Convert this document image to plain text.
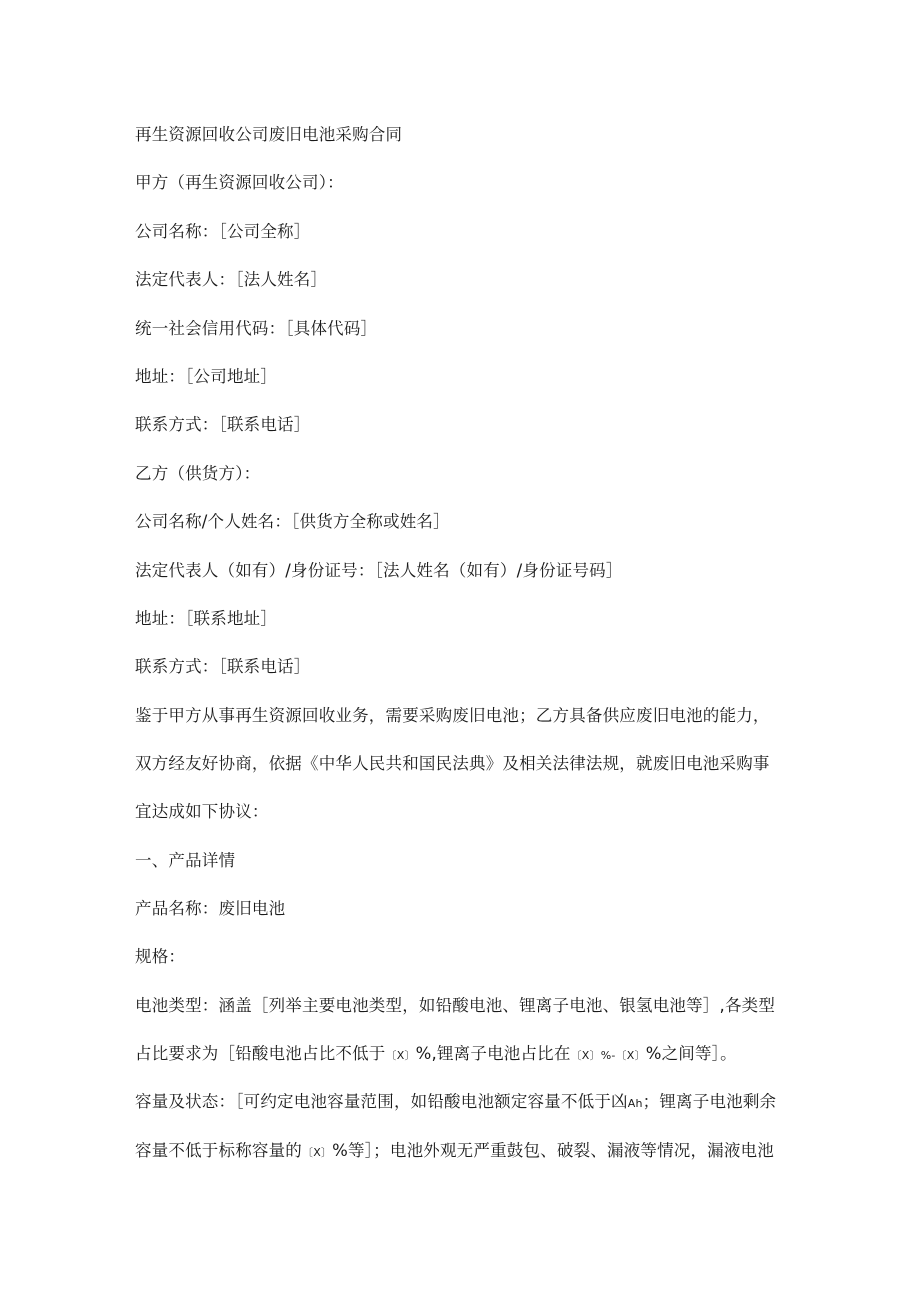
再生资源回收公司废旧电池采购合同
甲方（再生资源回收公司）：
公司名称：［公司全称］
法定代表人：［法人姓名］
统一社会信用代码：［具体代码］
地址：［公司地址］
联系方式：［联系电话］
乙方（供货方）：
公司名称/个人姓名：［供货方全称或姓名］
法定代表人（如有）/身份证号：［法人姓名（如有）/身份证号码］
地址：［联系地址］
联系方式：［联系电话］
鉴于甲方从事再生资源回收业务，需要采购废旧电池；乙方具备供应废旧电池的能力，
双方经友好协商，依据《中华人民共和国民法典》及相关法律法规，就废旧电池采购事
宜达成如下协议：
一、产品详情
产品名称：废旧电池
规格：
电池类型：涵盖［列举主要电池类型，如铅酸电池、锂离子电池、银氢电池等］,各类型
占比要求为［铅酸电池占比不低于〔X〕%,锂离子电池占比在〔X〕%-〔X〕%之间等］。
容量及状态：［可约定电池容量范围，如铅酸电池额定容量不低于凶Ah；锂离子电池剩余
容量不低于标称容量的〔X〕%等］；电池外观无严重鼓包、破裂、漏液等情况，漏液电池
